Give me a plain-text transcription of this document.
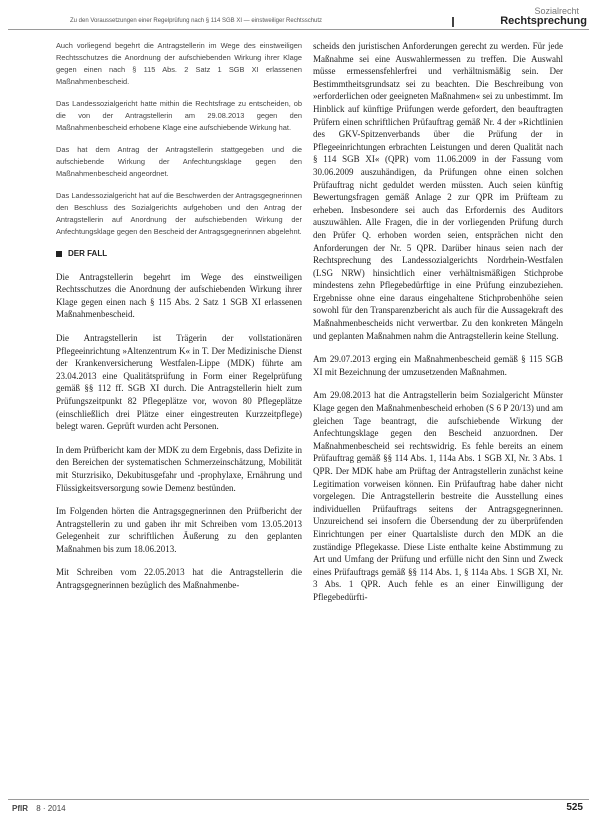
Sozialrecht
Zu den Voraussetzungen einer Regelprüfung nach § 114 SGB XI — einstweiliger Rechtsschutz	Rechtsprechung

Auch vorliegend begehrt die Antragstellerin im Wege des einstweiligen Rechtsschutzes die Anordnung der aufschiebenden Wirkung ihrer Klage gegen einen nach § 115 Abs. 2 Satz 1 SGB XI erlassenen Maßnahmenbescheid.

Das Landessozialgericht hatte mithin die Rechtsfrage zu entscheiden, ob die von der Antragstellerin am 29.08.2013 gegen den Maßnahmenbescheid erhobene Klage eine aufschiebende Wirkung hat.

Das hat dem Antrag der Antragstellerin stattgegeben und die aufschiebende Wirkung der Anfechtungsklage gegen den Maßnahmenbescheid angeordnet.

Das Landessozialgericht hat auf die Beschwerden der Antragsgegnerinnen den Beschluss des Sozialgerichts aufgehoben und den Antrag der Antragstellerin auf Anordnung der aufschiebenden Wirkung der Anfechtungsklage gegen den Bescheid der Antragsgegnerinnen abgelehnt.

DER FALL

Die Antragstellerin begehrt im Wege des einstweiligen Rechtsschutzes die Anordnung der aufschiebenden Wirkung ihrer Klage gegen einen nach § 115 Abs. 2 Satz 1 SGB XI erlassenen Maßnahmenbescheid.

Die Antragstellerin ist Trägerin der vollstationären Pflegeeinrichtung »Altenzentrum K« in T. Der Medizinische Dienst der Krankenversicherung Westfalen-Lippe (MDK) führte am 23.04.2013 eine Qualitätsprüfung in Form einer Regelprüfung gemäß §§ 112 ff. SGB XI durch. Die Antragstellerin hielt zum Prüfungszeitpunkt 82 Pflegeplätze vor, wovon 80 Pflegeplätze (einschließlich drei Plätze einer eingestreuten Kurzzeitpflege) belegt waren. Geprüft wurden acht Personen.

In dem Prüfbericht kam der MDK zu dem Ergebnis, dass Defizite in den Bereichen der systematischen Schmerzeinschätzung, Mobilität mit Sturzrisiko, Dekubitusgefahr und -prophylaxe, Ernährung und Flüssigkeitsversorgung sowie Demenz bestünden.

Im Folgenden hörten die Antragsgegnerinnen den Prüfbericht der Antragstellerin zu und gaben ihr mit Schreiben vom 13.05.2013 Gelegenheit zur schriftlichen Äußerung zu den geplanten Maßnahmen bis zum 18.06.2013.

Mit Schreiben vom 22.05.2013 hat die Antragstellerin die Antragsgegnerinnen bezüglich des Maßnahmenbe-

scheids den juristischen Anforderungen gerecht zu werden. Für jede Maßnahme sei eine Auswahlermessen zu treffen. Die Auswahl müsse ermessensfehlerfrei und verhältnismäßig sein. Der Bestimmtheitsgrundsatz sei zu beachten. Die Beschreibung von »erforderlichen oder geeigneten Maßnahmen« sei zu unbestimmt. Im Hinblick auf künftige Prüfungen werde gefordert, den beauftragten Prüfern einen schriftlichen Prüfauftrag gemäß Nr. 4 der »Richtlinien des GKV-Spitzenverbands über die Prüfung der in Pflegeeinrichtungen erbrachten Leistungen und deren Qualität nach § 114 SGB XI« (QPR) vom 11.06.2009 in der Fassung vom 30.06.2009 auszuhändigen, da Prüfungen ohne einen solchen Prüfauftrag nicht geduldet werden müssten. Auch seien künftig Bewertungsfragen gemäß Anlage 2 zur QPR im Prüfteam zu erheben. Insbesondere sei auch das Erfordernis des Auditors auszuwählen. Alle Fragen, die in der vorliegenden Prüfung durch den Prüfer Q. erhoben worden seien, entsprächen nicht den Anforderungen der Nr. 5 QPR. Darüber hinaus seien nach der Rechtsprechung des Landessozialgerichts Nordrhein-Westfalen (LSG NRW) hinsichtlich einer verhältnismäßigen Stichprobe mindestens zehn Pflegebedürftige in eine Prüfung einzubeziehen. Ergebnisse ohne eine daraus eingehaltene Stichprobenhöhe seien sowohl für den Transparenzbericht als auch für die Aussagekraft des Maßnahmenbescheids nicht verwertbar. Zu den konkreten Mängeln und geplanten Maßnahmen nahm die Antragstellerin keine Stellung.

Am 29.07.2013 erging ein Maßnahmenbescheid gemäß § 115 SGB XI mit Bezeichnung der umzusetzenden Maßnahmen.

Am 29.08.2013 hat die Antragstellerin beim Sozialgericht Münster Klage gegen den Maßnahmenbescheid erhoben (S 6 P 20/13) und am gleichen Tage beantragt, die aufschiebende Wirkung der Anfechtungsklage gegen den Bescheid anzuordnen. Der Maßnahmenbescheid sei rechtswidrig. Es fehle bereits an einem Prüfauftrag gemäß §§ 114 Abs. 1, 114a Abs. 1 SGB XI, Nr. 3 Abs. 1 QPR. Der MDK habe am Prüftag der Antragstellerin zunächst keine Legitimation vorweisen können. Ein Prüfauftrag habe daher nicht vorgelegen. Die Antragstellerin bestreite die Ausstellung eines individuellen Prüfauftrags seitens der Antragsgegnerinnen. Unzureichend sei insofern die Übersendung der zu überprüfenden Einrichtungen per einer Quartalsliste durch den MDK an die zuständige Pflegekasse. Diese Liste enthalte keine Abstimmung zu Art und Umfang der Prüfung und erfülle nicht den Sinn und Zweck eines Prüfauftrags gemäß §§ 114 Abs. 1, § 114a Abs. 1 SGB XI, Nr. 3 Abs. 1 QPR. Auch fehle es an einer Einwilligung der Pflegebedürfti-

PflR 8 · 2014	525
